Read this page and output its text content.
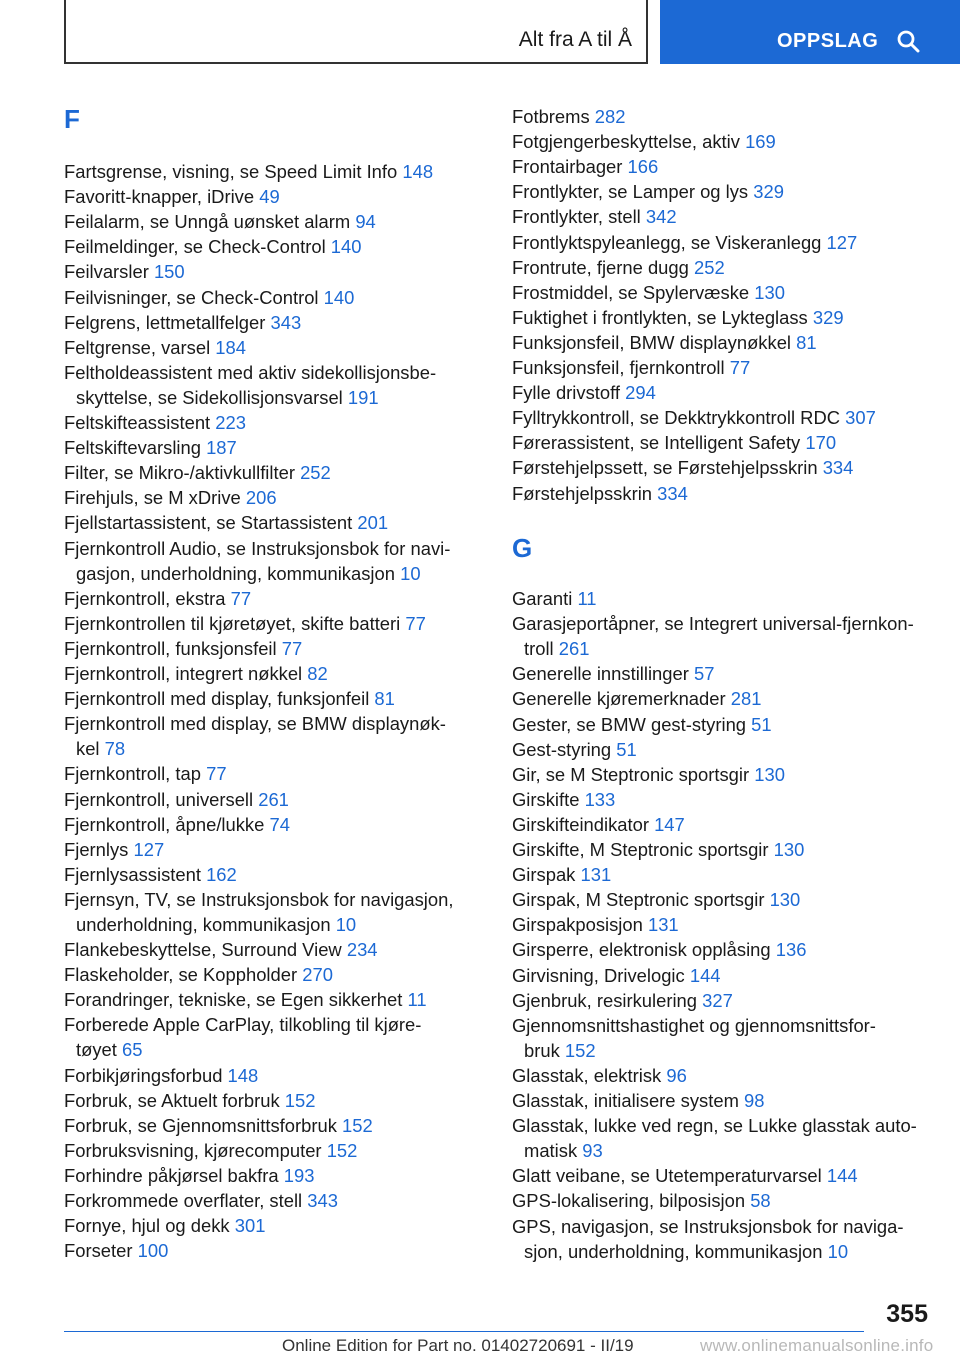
Alt fra A til Å	OPPSLAG
F
Fartsgrense, visning, se Speed Limit Info 148
Favoritt-knapper, iDrive 49
Feilalarm, se Unngå uønsket alarm 94
Feilmeldinger, se Check-Control 140
Feilvarsler 150
Feilvisninger, se Check-Control 140
Felgrens, lettmetallfelger 343
Feltgrense, varsel 184
Feltholdeassistent med aktiv sidekollisjonsbe-
skyttelse, se Sidekollisjonsvarsel 191
Feltskifteassistent 223
Feltskiftevarsling 187
Filter, se Mikro-/aktivkullfilter 252
Firehjuls, se M xDrive 206
Fjellstartassistent, se Startassistent 201
Fjernkontroll Audio, se Instruksjonsbok for navi-
gasjon, underholdning, kommunikasjon 10
Fjernkontroll, ekstra 77
Fjernkontrollen til kjøretøyet, skifte batteri 77
Fjernkontroll, funksjonsfeil 77
Fjernkontroll, integrert nøkkel 82
Fjernkontroll med display, funksjonfeil 81
Fjernkontroll med display, se BMW displaynøk-
kel 78
Fjernkontroll, tap 77
Fjernkontroll, universell 261
Fjernkontroll, åpne/lukke 74
Fjernlys 127
Fjernlysassistent 162
Fjernsyn, TV, se Instruksjonsbok for navigasjon,
underholdning, kommunikasjon 10
Flankebeskyttelse, Surround View 234
Flaskeholder, se Koppholder 270
Forandringer, tekniske, se Egen sikkerhet 11
Forberede Apple CarPlay, tilkobling til kjøre-
tøyet 65
Forbikjøringsforbud 148
Forbruk, se Aktuelt forbruk 152
Forbruk, se Gjennomsnittsforbruk 152
Forbruksvisning, kjørecomputer 152
Forhindre påkjørsel bakfra 193
Forkrommede overflater, stell 343
Fornye, hjul og dekk 301
Forseter 100
Fotbrems 282
Fotgjengerbeskyttelse, aktiv 169
Frontairbager 166
Frontlykter, se Lamper og lys 329
Frontlykter, stell 342
Frontlyktspyleanlegg, se Viskeranlegg 127
Frontrute, fjerne dugg 252
Frostmiddel, se Spylervæske 130
Fuktighet i frontlykten, se Lykteglass 329
Funksjonsfeil, BMW displaynøkkel 81
Funksjonsfeil, fjernkontroll 77
Fylle drivstoff 294
Fylltrykkontroll, se Dekktrykkontroll RDC 307
Førerassistent, se Intelligent Safety 170
Førstehjelpssett, se Førstehjelpsskrin 334
Førstehjelpsskrin 334
G
Garanti 11
Garasjeportåpner, se Integrert universal-fjernkon-
troll 261
Generelle innstillinger 57
Generelle kjøremerknader 281
Gester, se BMW gest-styring 51
Gest-styring 51
Gir, se M Steptronic sportsgir 130
Girskifte 133
Girskifteindikator 147
Girskifte, M Steptronic sportsgir 130
Girspak 131
Girspak, M Steptronic sportsgir 130
Girspakposisjon 131
Girsperre, elektronisk opplåsing 136
Girvisning, Drivelogic 144
Gjenbruk, resirkulering 327
Gjennomsnittshastighet og gjennomsnittsfor-
bruk 152
Glasstak, elektrisk 96
Glasstak, initialisere system 98
Glasstak, lukke ved regn, se Lukke glasstak auto-
matisk 93
Glatt veibane, se Utetemperaturvarsel 144
GPS-lokalisering, bilposisjon 58
GPS, navigasjon, se Instruksjonsbok for naviga-
sjon, underholdning, kommunikasjon 10
355
Online Edition for Part no. 01402720691 - II/19	www.onlinemanualsonline.info
